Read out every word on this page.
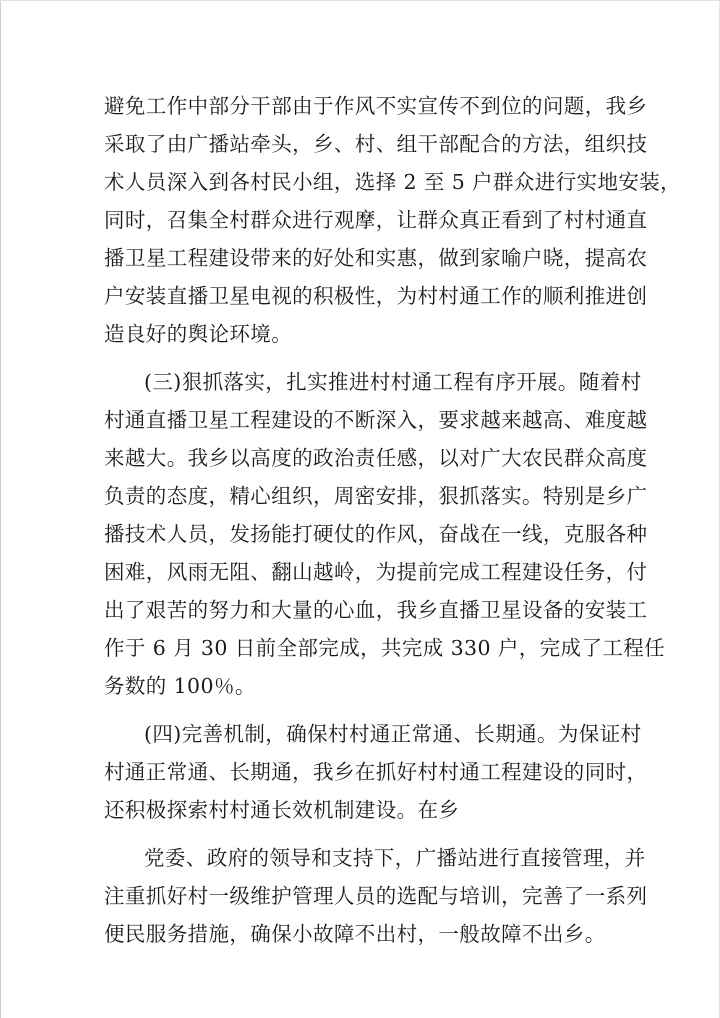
避免工作中部分干部由于作风不实宣传不到位的问题，我乡
采取了由广播站牵头，乡、村、组干部配合的方法，组织技
术人员深入到各村民小组，选择 2 至 5 户群众进行实地安装，
同时，召集全村群众进行观摩，让群众真正看到了村村通直
播卫星工程建设带来的好处和实惠，做到家喻户晓，提高农
户安装直播卫星电视的积极性，为村村通工作的顺利推进创
造良好的舆论环境。
(三)狠抓落实，扎实推进村村通工程有序开展。随着村
村通直播卫星工程建设的不断深入，要求越来越高、难度越
来越大。我乡以高度的政治责任感，以对广大农民群众高度
负责的态度，精心组织，周密安排，狠抓落实。特别是乡广
播技术人员，发扬能打硬仗的作风，奋战在一线，克服各种
困难，风雨无阻、翻山越岭，为提前完成工程建设任务，付
出了艰苦的努力和大量的心血，我乡直播卫星设备的安装工
作于 6 月 30 日前全部完成，共完成 330 户，完成了工程任
务数的 100％。
(四)完善机制，确保村村通正常通、长期通。为保证村
村通正常通、长期通，我乡在抓好村村通工程建设的同时，
还积极探索村村通长效机制建设。在乡
党委、政府的领导和支持下，广播站进行直接管理，并
注重抓好村一级维护管理人员的选配与培训，完善了一系列
便民服务措施，确保小故障不出村，一般故障不出乡。
